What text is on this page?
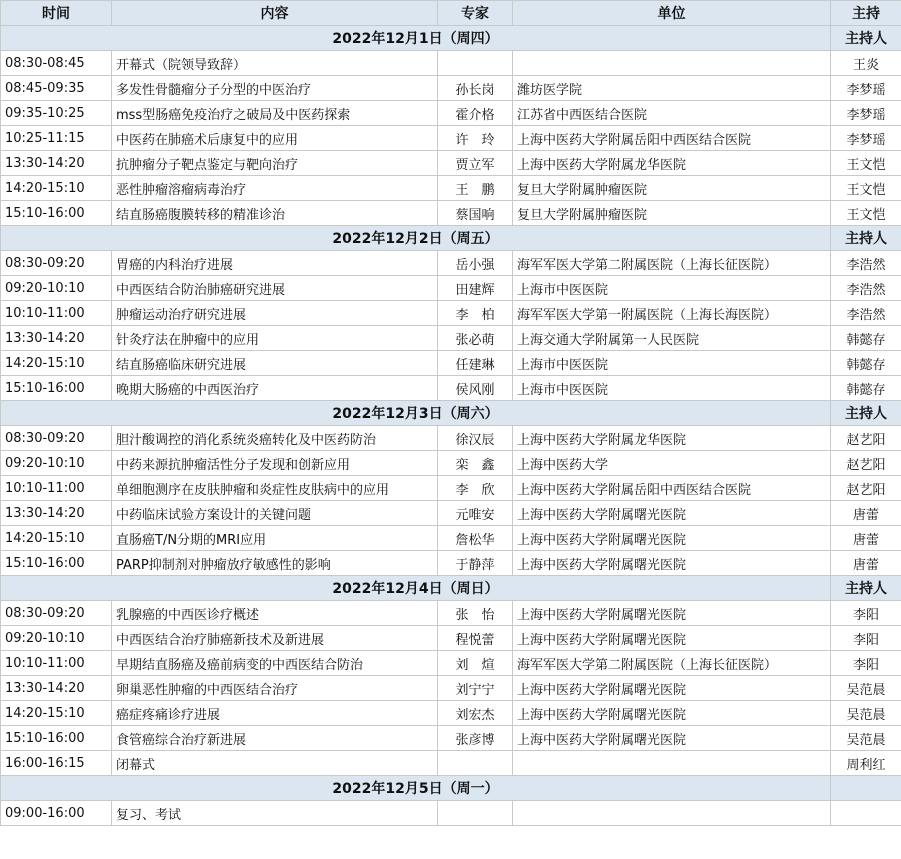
时间	内容	专家	单位	主持
2022年12月1日（周四）				主持人
08:30-08:45	开幕式（院领导致辞）			王炎
08:45-09:35	多发性骨髓瘤分子分型的中医治疗	孙长岗	潍坊医学院	李梦瑶
09:35-10:25	mss型肠癌免疫治疗之破局及中医药探索	霍介格	江苏省中西医结合医院	李梦瑶
10:25-11:15	中医药在肺癌术后康复中的应用	许　玲	上海中医药大学附属岳阳中西医结合医院	李梦瑶
13:30-14:20	抗肿瘤分子靶点鉴定与靶向治疗	贾立军	上海中医药大学附属龙华医院	王文恺
14:20-15:10	恶性肿瘤溶瘤病毒治疗	王　鹏	复旦大学附属肿瘤医院	王文恺
15:10-16:00	结直肠癌腹膜转移的精准诊治	蔡国响	复旦大学附属肿瘤医院	王文恺
2022年12月2日（周五）				主持人
08:30-09:20	胃癌的内科治疗进展	岳小强	海军军医大学第二附属医院（上海长征医院）	李浩然
09:20-10:10	中西医结合防治肺癌研究进展	田建辉	上海市中医医院	李浩然
10:10-11:00	肿瘤运动治疗研究进展	李　柏	海军军医大学第一附属医院（上海长海医院）	李浩然
13:30-14:20	针灸疗法在肿瘤中的应用	张必萌	上海交通大学附属第一人民医院	韩懿存
14:20-15:10	结直肠癌临床研究进展	任建琳	上海市中医医院	韩懿存
15:10-16:00	晚期大肠癌的中西医治疗	侯风刚	上海市中医医院	韩懿存
2022年12月3日（周六）				主持人
08:30-09:20	胆汁酸调控的消化系统炎癌转化及中医药防治	徐汉辰	上海中医药大学附属龙华医院	赵艺阳
09:20-10:10	中药来源抗肿瘤活性分子发现和创新应用	栾　鑫	上海中医药大学	赵艺阳
10:10-11:00	单细胞测序在皮肤肿瘤和炎症性皮肤病中的应用	李　欣	上海中医药大学附属岳阳中西医结合医院	赵艺阳
13:30-14:20	中药临床试验方案设计的关键问题	元唯安	上海中医药大学附属曙光医院	唐蕾
14:20-15:10	直肠癌T/N分期的MRI应用	詹松华	上海中医药大学附属曙光医院	唐蕾
15:10-16:00	PARP抑制剂对肿瘤放疗敏感性的影响	于静萍	上海中医药大学附属曙光医院	唐蕾
2022年12月4日（周日）				主持人
08:30-09:20	乳腺癌的中西医诊疗概述	张　怡	上海中医药大学附属曙光医院	李阳
09:20-10:10	中西医结合治疗肺癌新技术及新进展	程悦蕾	上海中医药大学附属曙光医院	李阳
10:10-11:00	早期结直肠癌及癌前病变的中西医结合防治	刘　煊	海军军医大学第二附属医院（上海长征医院）	李阳
13:30-14:20	卵巢恶性肿瘤的中西医结合治疗	刘宁宁	上海中医药大学附属曙光医院	吴范晨
14:20-15:10	癌症疼痛诊疗进展	刘宏杰	上海中医药大学附属曙光医院	吴范晨
15:10-16:00	食管癌综合治疗新进展	张彦博	上海中医药大学附属曙光医院	吴范晨
16:00-16:15	闭幕式			周利红
2022年12月5日（周一）				
09:00-16:00	复习、考试			
